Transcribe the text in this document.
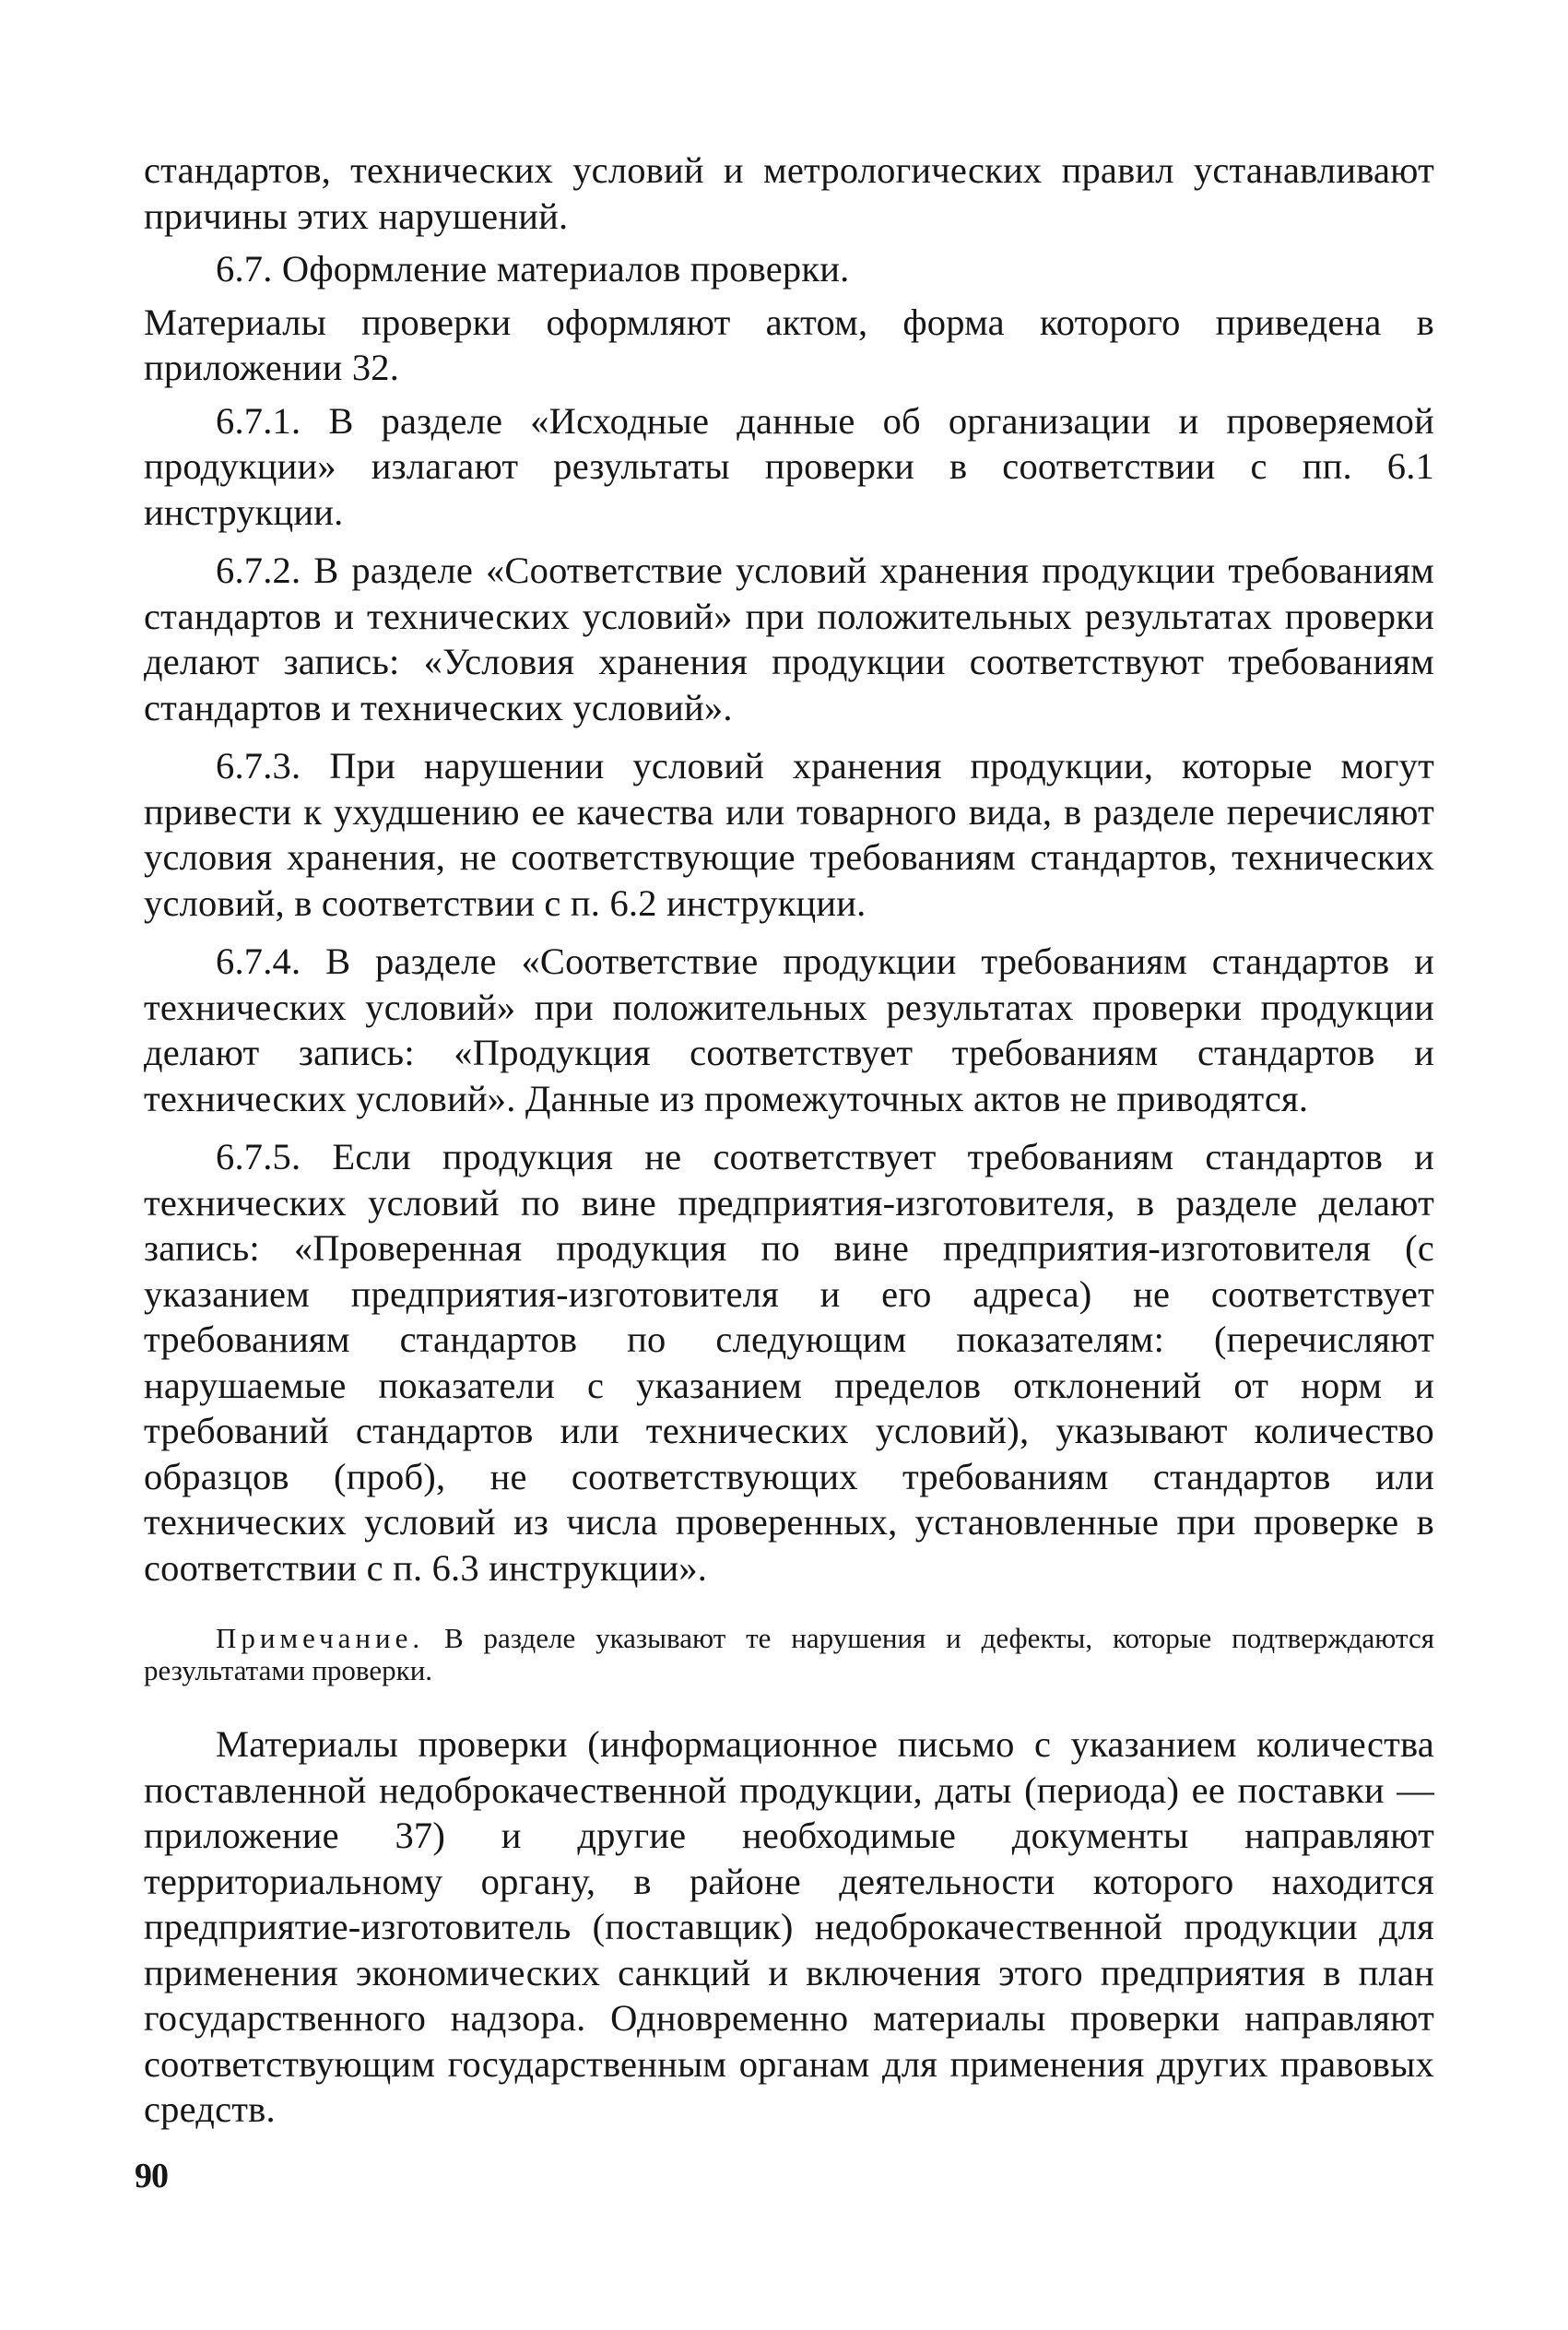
стандартов, технических условий и метрологических правил устанавливают причины этих нарушений.

6.7. Оформление материалов проверки.

Материалы проверки оформляют актом, форма которого приведена в приложении 32.

6.7.1. В разделе «Исходные данные об организации и проверяемой продукции» излагают результаты проверки в соответствии с пп. 6.1 инструкции.

6.7.2. В разделе «Соответствие условий хранения продукции требованиям стандартов и технических условий» при положительных результатах проверки делают запись: «Условия хранения продукции соответствуют требованиям стандартов и технических условий».

6.7.3. При нарушении условий хранения продукции, которые могут привести к ухудшению ее качества или товарного вида, в разделе перечисляют условия хранения, не соответствующие требованиям стандартов, технических условий, в соответствии с п. 6.2 инструкции.

6.7.4. В разделе «Соответствие продукции требованиям стандартов и технических условий» при положительных результатах проверки продукции делают запись: «Продукция соответствует требованиям стандартов и технических условий». Данные из промежуточных актов не приводятся.

6.7.5. Если продукция не соответствует требованиям стандартов и технических условий по вине предприятия-изготовителя, в разделе делают запись: «Проверенная продукция по вине предприятия-изготовителя (с указанием предприятия-изготовителя и его адреса) не соответствует требованиям стандартов по следующим показателям: (перечисляют нарушаемые показатели с указанием пределов отклонений от норм и требований стандартов или технических условий), указывают количество образцов (проб), не соответствующих требованиям стандартов или технических условий из числа проверенных, установленные при проверке в соответствии с п. 6.3 инструкции».

Примечание. В разделе указывают те нарушения и дефекты, которые подтверждаются результатами проверки.

Материалы проверки (информационное письмо с указанием количества поставленной недоброкачественной продукции, даты (периода) ее поставки — приложение 37) и другие необходимые документы направляют территориальному органу, в районе деятельности которого находится предприятие-изготовитель (поставщик) недоброкачественной продукции для применения экономических санкций и включения этого предприятия в план государственного надзора. Одновременно материалы проверки направляют соответствующим государственным органам для применения других правовых средств.

90
